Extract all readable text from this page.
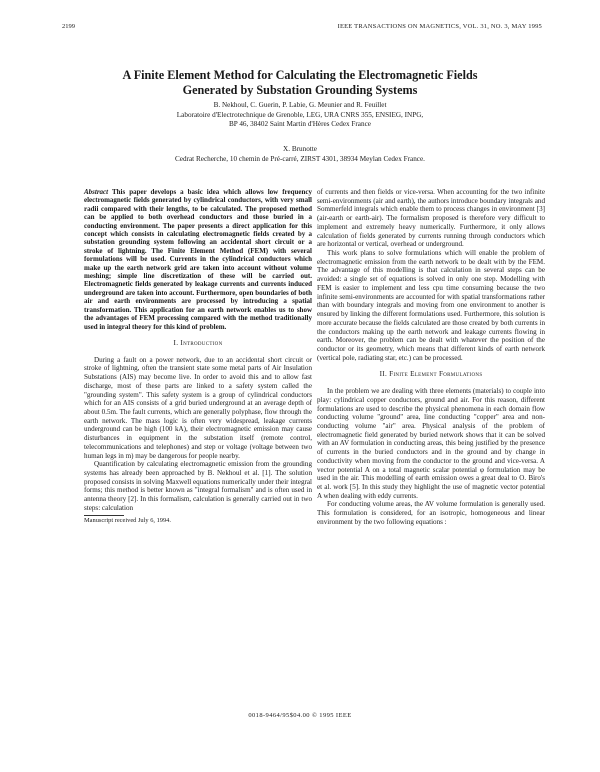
2199	IEEE TRANSACTIONS ON MAGNETICS, VOL. 31, NO. 3, MAY 1995
A Finite Element Method for Calculating the Electromagnetic Fields
Generated by Substation Grounding Systems
B. Nekhoul, C. Guerin, P. Labie, G. Meunier and R. Feuillet
Laboratoire d'Electrotechnique de Grenoble, LEG, URA CNRS 355, ENSIEG, INPG,
BP 46, 38402 Saint Martin d'Hères Cedex France
X. Brunotte
Cedrat Recherche, 10 chemin de Pré-carré, ZIRST 4301, 38934 Meylan Cedex France.
Abstract This paper develops a basic idea which allows low frequency electromagnetic fields generated by cylindrical conductors, with very small radii compared with their lengths, to be calculated. The proposed method can be applied to both overhead conductors and those buried in a conducting environment. The paper presents a direct application for this concept which consists in calculating electromagnetic fields created by a substation grounding system following an accidental short circuit or a stroke of lightning. The Finite Element Method (FEM) with several formulations will be used. Currents in the cylindrical conductors which make up the earth network grid are taken into account without volume meshing; simple line discretization of these will be carried out. Electromagnetic fields generated by leakage currents and currents induced underground are taken into account. Furthermore, open boundaries of both air and earth environments are processed by introducing a spatial transformation. This application for an earth network enables us to show the advantages of FEM processing compared with the method traditionally used in integral theory for this kind of problem.
I. Introduction

During a fault on a power network, due to an accidental short circuit or stroke of lightning, often the transient state some metal parts of Air Insulation Substations (AIS) may become live. In order to avoid this and to allow fast discharge, most of these parts are linked to a safety system called the "grounding system". This safety system is a group of cylindrical conductors which for an AIS consists of a grid buried underground at an average depth of about 0.5m. The fault currents, which are generally polyphase, flow through the earth network. The mass logic is often very widespread, leakage currents underground can be high (100 kA), their electromagnetic emission may cause disturbances in equipment in the substation itself (remote control, telecommunications and telephones) and step or voltage (voltage between two human legs in m) may be dangerous for people nearby.

Quantification by calculating electromagnetic emission from the grounding systems has already been approached by B. Nekhoul et al. [1]. The solution proposed consists in solving Maxwell equations numerically under their integral forms; this method is better known as "integral formalism" and is often used in antenna theory [2]. In this formalism, calculation is generally carried out in two steps: calculation

Manuscript received July 6, 1994.

of currents and then fields or vice-versa. When accounting for the two infinite semi-environments (air and earth), the authors introduce boundary integrals and Sommerfeld integrals which enable them to process changes in environment [3] (air-earth or earth-air). The formalism proposed is therefore very difficult to implement and extremely heavy numerically. Furthermore, it only allows calculation of fields generated by currents running through conductors which are horizontal or vertical, overhead or underground.

This work plans to solve formulations which will enable the problem of electromagnetic emission from the earth network to be dealt with by the FEM. The advantage of this modelling is that calculation in several steps can be avoided: a single set of equations is solved in only one step. Modelling with FEM is easier to implement and less cpu time consuming because the two infinite semi-environments are accounted for with spatial transformations rather than with boundary integrals and moving from one environment to another is ensured by linking the different formulations used. Furthermore, this solution is more accurate because the fields calculated are those created by both currents in the conductors making up the earth network and leakage currents flowing in earth. Moreover, the problem can be dealt with whatever the position of the conductor or its geometry, which means that different kinds of earth network (vertical pole, radiating star, etc.) can be processed.

II. Finite Element Formulations

In the problem we are dealing with three elements (materials) to couple into play: cylindrical copper conductors, ground and air. For this reason, different formulations are used to describe the physical phenomena in each domain flow conducting volume "ground" area, line conducting "copper" area and non-conducting volume "air" area. Physical analysis of the problem of electromagnetic field generated by buried network shows that it can be solved with an AV formulation in conducting areas, this being justified by the presence of currents in the buried conductors and in the ground and by change in conductivity when moving from the conductor to the ground and vice-versa. A vector potential A on a total magnetic scalar potential φ formulation may be used in the air. This modelling of earth emission owes a great deal to O. Biro's et al. work [5]. In this study they highlight the use of magnetic vector potential A when dealing with eddy currents.

For conducting volume areas, the AV volume formulation is generally used. This formulation is considered, for an isotropic, homogeneous and linear environment by the two following equations :

0018-9464/95$04.00 © 1995 IEEE
